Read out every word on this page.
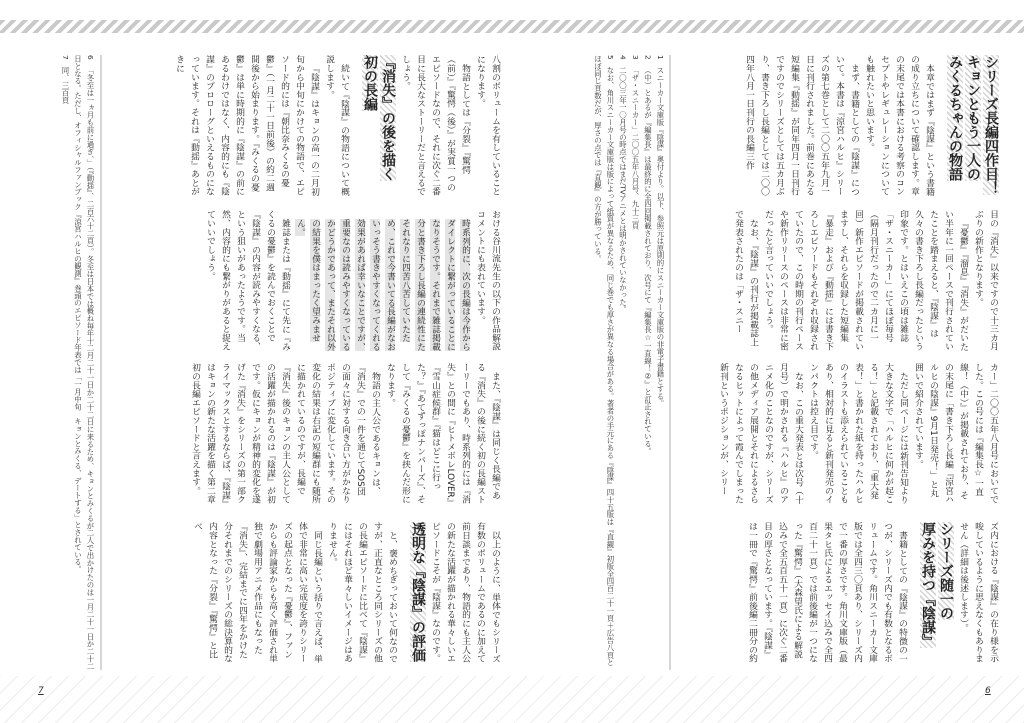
シリーズ長編四作目！
キョンともう一人の
みくるちゃんの物語
本章ではまず『陰謀』という書籍の成り立ちについて確認します。章の末尾では本書における考察のコンセプトやレギュレーションについても触れたいと思います。
まず、書籍としての『陰謀』について。本書は『涼宮ハルヒ』シリーズの第七巻として二〇〇五年九月一日に刊行されました。前巻にあたる短編集『動揺』が同年四月一日刊行ですのでシリーズとしては五カ月ぶり、書き下ろし長編としては二〇〇四年八月一日刊行の長編三作
目の『消失』以来ですので十三カ月ぶりの新作となります。
『憂鬱』『溜息』『消失』がだいたい半年に一回ペースで刊行されていたことを踏まえると、『陰謀』は久々の書き下ろし長編だったという印象です。とはいえこの頃は雑誌「ザ・スニーカー」にてほぼ毎号（隔月刊行だったので二カ月に一回）新作エピソードが掲載されていますし、それらを収録した短編集『暴走』および『動揺』には書き下ろしエピソードもそれぞれ収録されていたので、この時期の刊行ペースや新作リリースのペースは非常に密だったと言っていいでしょう。
なお、『陰謀』の刊行が掲載誌上で発表されたのは「ザ・スニー
カー」二〇〇五年八月号においてでした。この号には『編集長☆一直線！（中）』が掲載されており、その末尾に「書き下ろし長編『涼宮ハルヒの陰謀』9月1日発売！」と丸囲いで紹介されています。
ただし同ページには新刊告知より大きな文字で「ハルヒに何かが起こる！」と記載されており、「重大発表！」と書かれた紙を持ったハルヒのイラストも添えられていることもあり、相対的に見ると新刊発売のインパクトは控え目です。
なお、この重大発表とは次号（十月号）で明かされる『ハルヒ』のアニメ化のことなのですが、シリーズの他メディア展開とそれによるさらなるヒットによって霞んでしまった新刊というポジションが、シリー
ズ内における『陰謀』の在り様を示唆しているように思えなくもありません（詳細は後述します）。
シリーズ随一の
厚みを持つ『陰謀』
書籍としての『陰謀』の特徴の一つが、シリーズ内でも有数となるボリュームです。角川スニーカー文庫版では全四三〇頁あり、シリーズ内で一番の厚さです。角川文庫版（最果タヒ氏によるエッセイ込みで全四百二十一頁）では前後編が一つになった『驚愕』（大森望氏による解説込みで全五百五十一頁）に次ぐ二番目の厚さとなっています。『陰謀』は一冊で『驚愕』前後編二冊分の約
1スニーカー文庫版『陰謀』奥付より。以下、参照元は原則的にスニーカー文庫版の非電子書籍とする。
2（中）とあるが『編集長』は最終的に全四回掲載されており、次号にて『編集長☆一直線！②』と訂正されている。
3「ザ・スニーカー」二〇〇五年八月号、九十三頁
4二〇〇三年一〇月号の時点ではまだTVアニメとは明かされていなかった。
5なお、角川スニーカー文庫版は版によって紙質が異なるため、同じ巻でも厚さが異なる場合がある。著者の手元にある『陰謀』四十五版は『直観』初版全四百二十一頁＋広告八頁とほぼ同じ頁数だが、厚さの点では『直観』の方が勝っている。
八割のボリュームを有していることになります。
物語としては『分裂』『驚愕（前）』『驚愕（後）』が実質一つのエピソードなので、それに次ぐ二番目に長大なストーリーだと言えるでしょう。
『消失』の後を描く
初の長編
続いて『陰謀』の物語について概説します。
『陰謀』はキョンの高一の二月初旬から中旬にかけての物語で、エピソード的には『朝比奈みくるの憂鬱』（一月二十一日前後）の約二週間後から始まります。『みくるの憂鬱』は単に時期的に『陰謀』の前にあるわけではなく、内容的にも『陰謀』のプロローグといえるものになっています。それは『動揺』あとがきに
おける谷川流先生の以下の作品解説コメントにも表れています。
時系列的に、次の長編は今作からダイレクトに繋がっていることになりそうです。それまで雑誌掲載分と書き下ろし長編の連続性にたそれなりに四苦八苦していたため、これで今書いてる長編がなおいっそう書きやすくなってくれる効果があれば幸いなことですが、重要なのは読みやすくなっているかどうかであって、またそれ以外の結果を僕はまったく望みません。
雑誌または『動揺』にて先に『みくるの憂鬱』を読んでおくことで『陰謀』の内容が読みやすくなる、という狙いがあったようです。当然、内容的にも繋がりがあると捉えていいでしょう。
また、『陰謀』は同じく長編である『消失』の後に続く初の長編ストーリーでもあり、時系列的には『消失』との間に『ヒトメボレLOVER』『雪山症候群』『猫はどこに行った？』『あてずっぽナンバーズ』、そして『みくるの憂鬱』を挟んだ形になります。
物語の主人公であるキョンは、『消失』での一件を通じてSOS団の面々に対する向き合い方がかなりポジティブに変化しています。その変化の結果は右記の短編群にも随所に描かれているのですが、長編で『消失』後のキョンの主人公としての活躍が描かれるのは『陰謀』が初です。仮にキョンが精神的変化を遂げた『消失』をシリーズの第一部クライマックスとするならば、『陰謀』はキョンの新たな活躍を描く第二章初の長編エピソードと言えます。
以上のように、単体でもシリーズ有数のボリュームであるのに加えて前日談まであり、物語的にも主人公の新たな活躍が描かれる華々しいエピソードこそが『陰謀』なのです。
透明な『陰謀』の評価
と、褒めちぎっておいて何なのですが、正直なところ同シリーズの他の長編エピソードに比べて『陰謀』にはそれほど華々しいイメージはありません。
同じ長編という括りで言えば、単体で非常に高い完成度を誇りシリーズの起点となった『憂鬱』、ファンからも評論家からも高く評価され単独で劇場用アニメ作品にもなった『消失』、完結までに四年をかけた分それまでのシリーズの総決算的な内容となった『分裂』『驚愕』と比べ
6「冬至は一ヵ月も前に過ぎ、」（『動揺』、二百六十二頁）。冬至は日本では概ね毎年十二月二十一日か二十二日に来るため、キョンとみくるが二人で出かけたのは一月二十一日か二十二日となる。ただし、オフィシャルファンブック『涼宮ハルヒの観測』巻頭のエピソード年表では「一月中旬　キョンとみくる、デートする」とされている。
7同、三百頁
6
7
